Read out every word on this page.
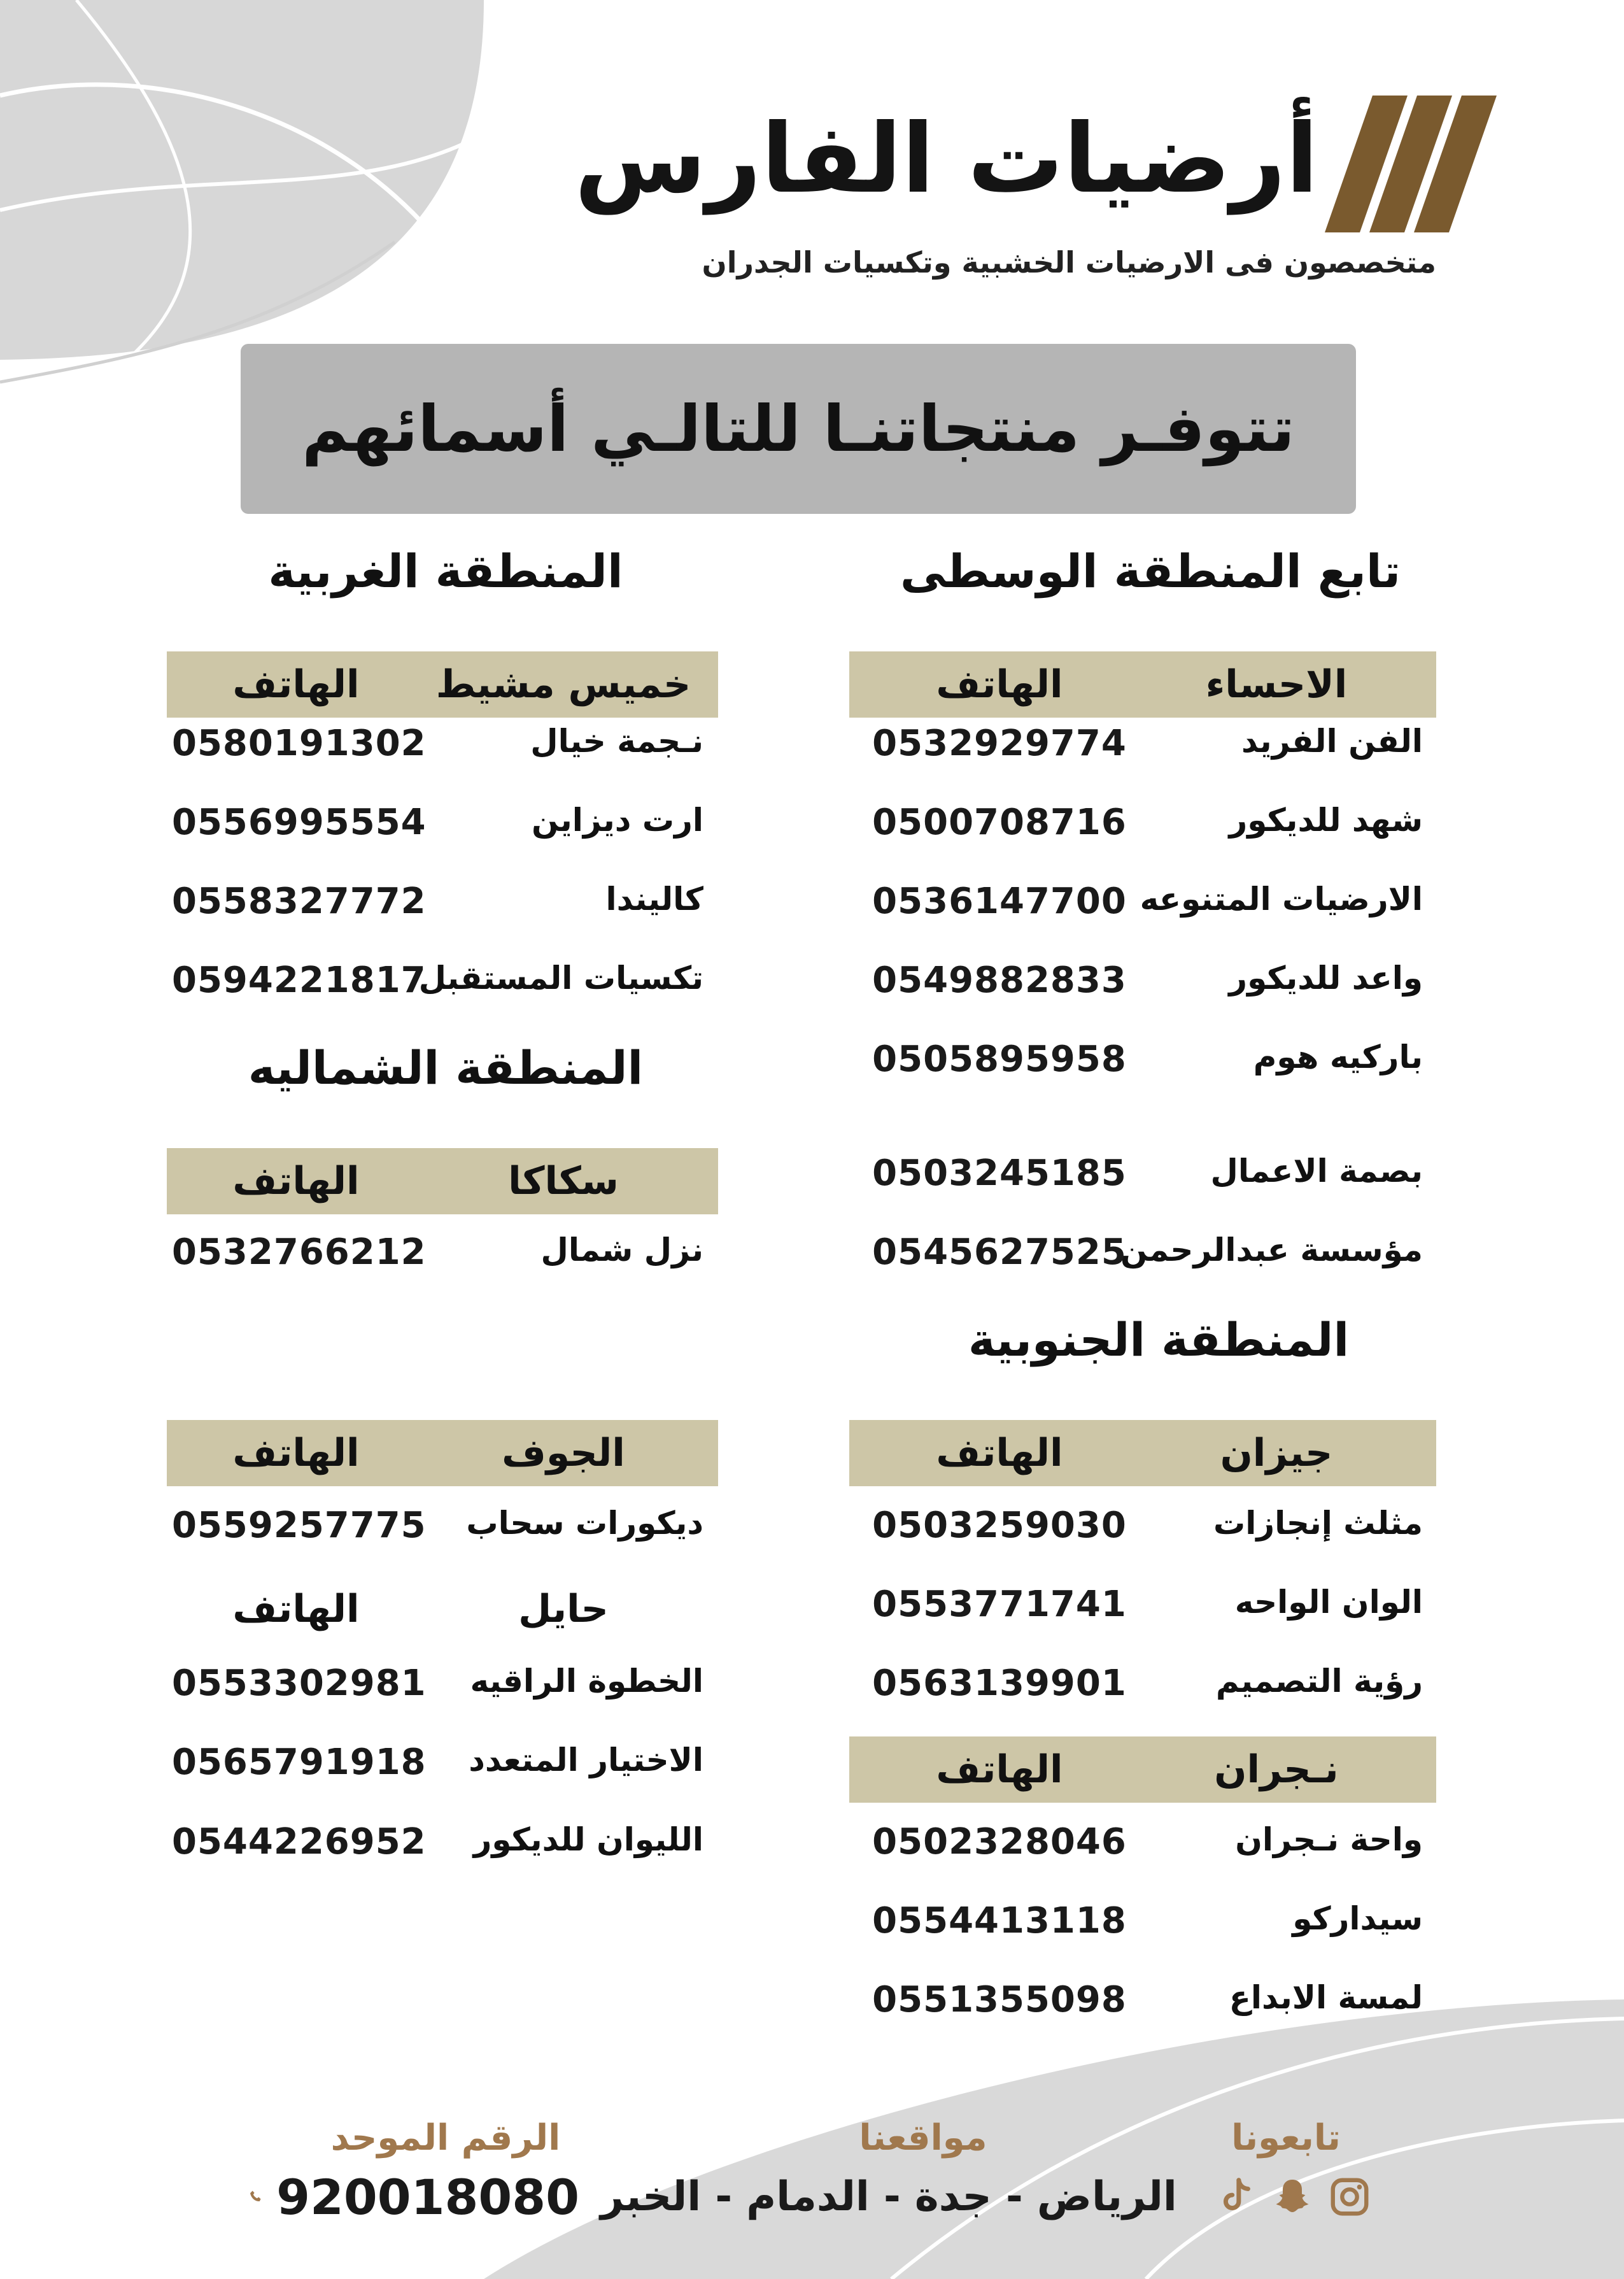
أرضيات الفارس
متخصصون فى الارضيات الخشبية وتكسيات الجدران
تتوفـر منتجاتنـا للتالـي أسمائهم
تابع المنطقة الوسطى
المنطقة الغربية
المنطقة الشماليه
المنطقة الجنوبية
الاحساء
الهاتف
الفن الفريد
0532929774
شهد للديكور
0500708716
الارضيات المتنوعه
0536147700
واعد للديكور
0549882833
باركيه هوم
0505895958
بصمة الاعمال
0503245185
مؤسسة عبدالرحمن
0545627525
جيزان
الهاتف
مثلث إنجازات
0503259030
الوان الواحه
0553771741
رؤية التصميم
0563139901
نـجران
الهاتف
واحة نـجران
0502328046
سيداركو
0554413118
لمسة الابداع
0551355098
خميس مشيط
الهاتف
نـجمة خيال
0580191302
ارت ديزاين
0556995554
كاليندا
0558327772
تكسيات المستقبل
0594221817
سكاكا
الهاتف
نزل شمال
0532766212
الجوف
الهاتف
ديكورات سحاب
0559257775
حايل
الهاتف
الخطوة الراقيه
0553302981
الاختيار المتعدد
0565791918
الليوان للديكور
0544226952
تابعونا
مواقعنا
الرياض - جدة - الدمام - الخبر
الرقم الموحد
920018080
